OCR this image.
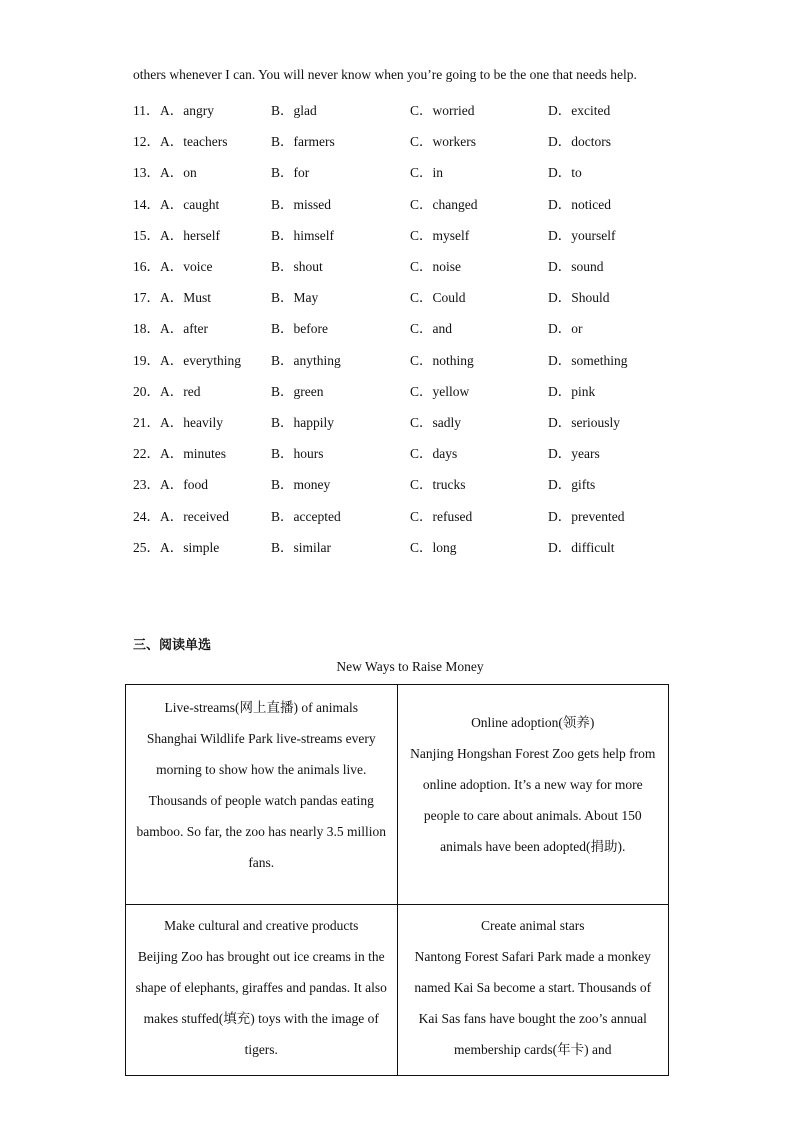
others whenever I can. You will never know when you’re going to be the one that needs help.
11． A．angry	B．glad	C．worried	D．excited
12． A．teachers	B．farmers	C．workers	D．doctors
13． A．on	B．for	C．in	D．to
14． A．caught	B．missed	C．changed	D．noticed
15． A．herself	B．himself	C．myself	D．yourself
16． A．voice	B．shout	C．noise	D．sound
17． A．Must	B．May	C．Could	D．Should
18． A．after	B．before	C．and	D．or
19． A．everything B．anything	C．nothing	D．something
20． A．red	B．green	C．yellow	D．pink
21． A．heavily	B．happily	C．sadly	D．seriously
22． A．minutes	B．hours	C．days	D．years
23． A．food	B．money	C．trucks	D．gifts
24． A．received	B．accepted	C．refused	D．prevented
25． A．simple	B．similar	C．long	D．difficult
三、阅读单选
New Ways to Raise Money
Live-streams(网上直播) of animals
Shanghai Wildlife Park live-streams every morning to show how the animals live. Thousands of people watch pandas eating bamboo. So far, the zoo has nearly 3.5 million fans.	Online adoption(领养)
Nanjing Hongshan Forest Zoo gets help from online adoption. It’s a new way for more people to care about animals. About 150 animals have been adopted(捐助).

Make cultural and creative products
Beijing Zoo has brought out ice creams in the shape of elephants, giraffes and pandas. It also makes stuffed(填充) toys with the image of tigers.	Create animal stars
Nantong Forest Safari Park made a monkey named Kai Sa become a start. Thousands of Kai Sas fans have bought the zoo’s annual membership cards(年卡) and
